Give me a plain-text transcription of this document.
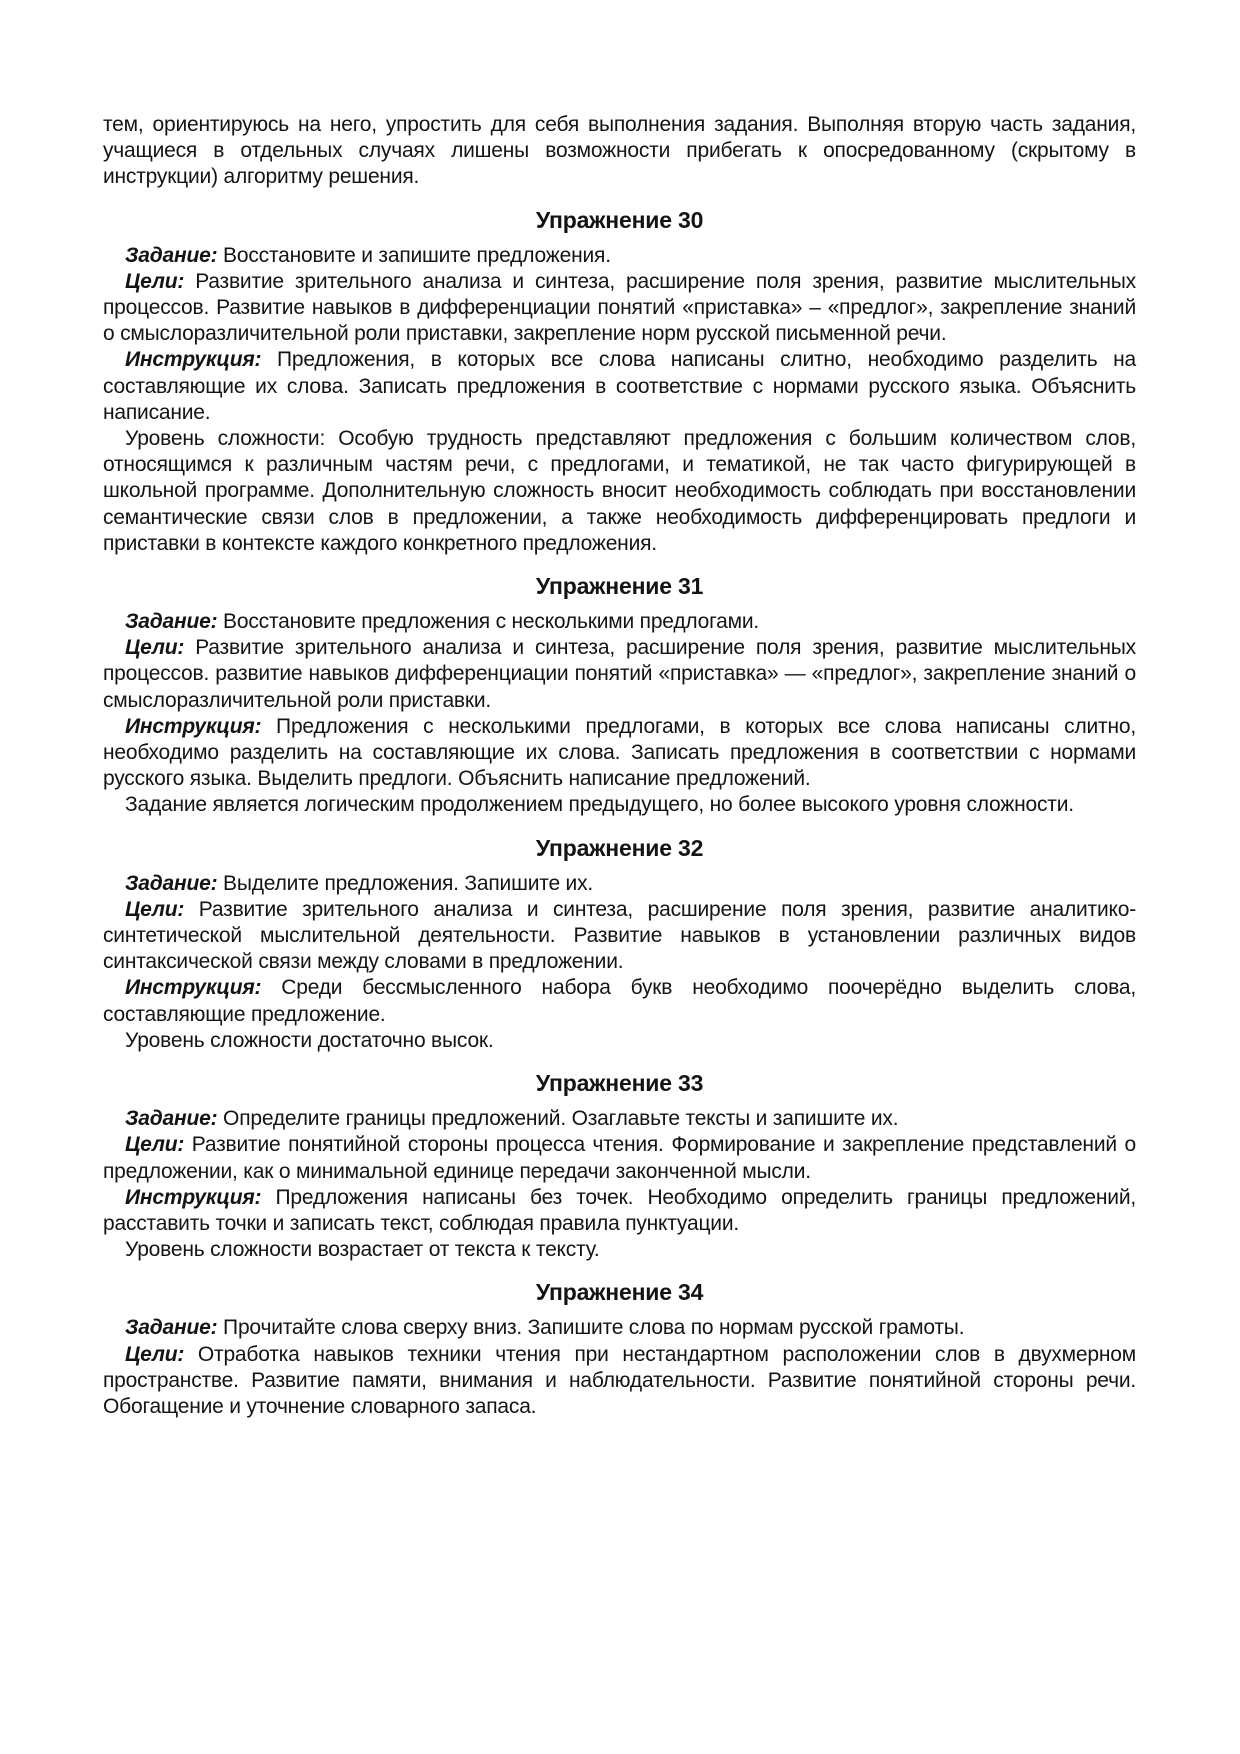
тем, ориентируюсь на него, упростить для себя выполнения задания. Выполняя вторую часть задания, учащиеся в отдельных случаях лишены возможности прибегать к опосредованному (скрытому в инструкции) алгоритму решения.

Упражнение 30

Задание: Восстановите и запишите предложения.

Цели: Развитие зрительного анализа и синтеза, расширение поля зрения, развитие мыслительных процессов. Развитие навыков в дифференциации понятий «приставка» – «предлог», закрепление знаний о смыслоразличительной роли приставки, закрепление норм русской письменной речи.

Инструкция: Предложения, в которых все слова написаны слитно, необходимо разделить на составляющие их слова. Записать предложения в соответствие с нормами русского языка. Объяснить написание.

Уровень сложности: Особую трудность представляют предложения с большим количеством слов, относящимся к различным частям речи, с предлогами, и тематикой, не так часто фигурирующей в школьной программе. Дополнительную сложность вносит необходимость соблюдать при восстановлении семантические связи слов в предложении, а также необходимость дифференцировать предлоги и приставки в контексте каждого конкретного предложения.

Упражнение 31

Задание: Восстановите предложения с несколькими предлогами.

Цели: Развитие зрительного анализа и синтеза, расширение поля зрения, развитие мыслительных процессов. развитие навыков дифференциации понятий «приставка» — «предлог», закрепление знаний о смыслоразличительной роли приставки.

Инструкция: Предложения с несколькими предлогами, в которых все слова написаны слитно, необходимо разделить на составляющие их слова. Записать предложения в соответствии с нормами русского языка. Выделить предлоги. Объяснить написание предложений.

Задание является логическим продолжением предыдущего, но более высокого уровня сложности.

Упражнение 32

Задание: Выделите предложения. Запишите их.

Цели: Развитие зрительного анализа и синтеза, расширение поля зрения, развитие аналитико-синтетической мыслительной деятельности. Развитие навыков в установлении различных видов синтаксической связи между словами в предложении.

Инструкция: Среди бессмысленного набора букв необходимо поочерёдно выделить слова, составляющие предложение.

Уровень сложности достаточно высок.

Упражнение 33

Задание: Определите границы предложений. Озаглавьте тексты и запишите их.

Цели: Развитие понятийной стороны процесса чтения. Формирование и закрепление представлений о предложении, как о минимальной единице передачи законченной мысли.

Инструкция: Предложения написаны без точек. Необходимо определить границы предложений, расставить точки и записать текст, соблюдая правила пунктуации.

Уровень сложности возрастает от текста к тексту.

Упражнение 34

Задание: Прочитайте слова сверху вниз. Запишите слова по нормам русской грамоты.

Цели: Отработка навыков техники чтения при нестандартном расположении слов в двухмерном пространстве. Развитие памяти, внимания и наблюдательности. Развитие понятийной стороны речи. Обогащение и уточнение словарного запаса.
